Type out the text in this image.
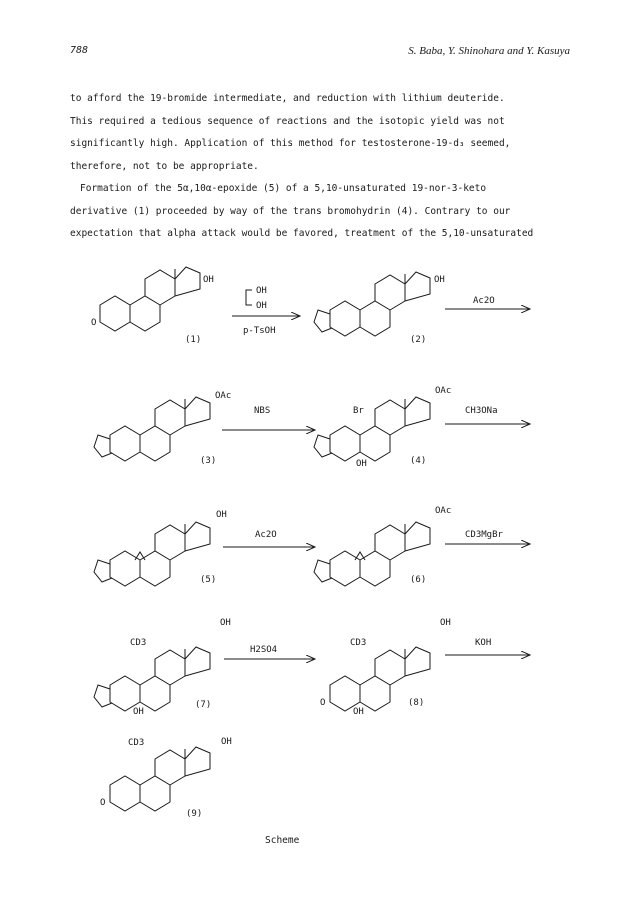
788	S. Baba, Y. Shinohara and Y. Kasuya
to afford the 19-bromide intermediate, and reduction with lithium deuteride.
This required a tedious sequence of reactions and the isotopic yield was not
significantly high. Application of this method for testosterone-19-d₃ seemed,
therefore, not to be appropriate.
Formation of the 5α,10α-epoxide (5) of a 5,10-unsaturated 19-nor-3-keto
derivative (1) proceeded by way of the trans bromohydrin (4). Contrary to our
expectation that alpha attack would be favored, treatment of the 5,10-unsaturated
O
OH
(1)
OH
OH
p-TsOH
OH
(2)
Ac2O
OAc
(3)
NBS	Br
OH
OAc
(4)
CH3ONa
OH
(5)
Ac2O
OAc
(6)
CD3MgBr
CD3
OH
OH
(7)
H2SO4
O
CD3
OH
OH
(8)
KOH
O
CD3	OH
(9)
Scheme
